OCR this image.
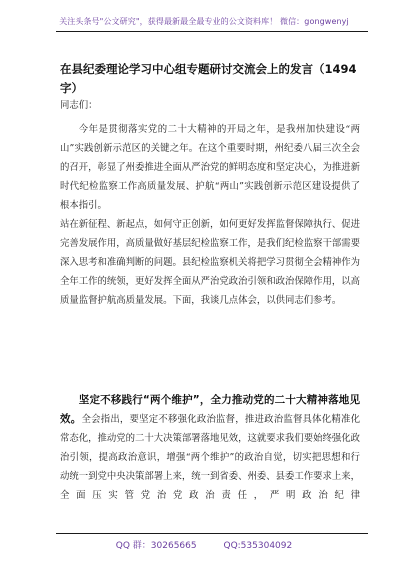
关注头条号"公文研究"，获得最新最全最专业的公文资料库！ 微信：gongwenyj
在县纪委理论学习中心组专题研讨交流会上的发言（1494字）
同志们：
今年是贯彻落实党的二十大精神的开局之年，是我州加快建设“两山”实践创新示范区的关键之年。在这个重要时期，州纪委八届三次全会的召开，彰显了州委推进全面从严治党的鲜明态度和坚定决心，为推进新时代纪检监察工作高质量发展、护航“两山”实践创新示范区建设提供了根本指引。
站在新征程、新起点，如何守正创新，如何更好发挥监督保障执行、促进完善发展作用，高质量做好基层纪检监察工作，是我们纪检监察干部需要深入思考和准确判断的问题。县纪检监察机关将把学习贯彻全会精神作为全年工作的统领，更好发挥全面从严治党政治引领和政治保障作用，以高质量监督护航高质量发展。下面，我谈几点体会，以供同志们参考。
坚定不移践行“两个维护”，全力推动党的二十大精神落地见效。全会指出，要坚定不移强化政治监督，推进政治监督具体化精准化常态化，推动党的二十大决策部署落地见效，这就要求我们要始终强化政治引领，提高政治意识，增强“两个维护”的政治自觉，切实把思想和行动统一到党中央决策部署上来，统一到省委、州委、县委工作要求上来，全面压实管党治党政治责任，严明政治纪律
QQ 群：30265665	QQ:535304092
